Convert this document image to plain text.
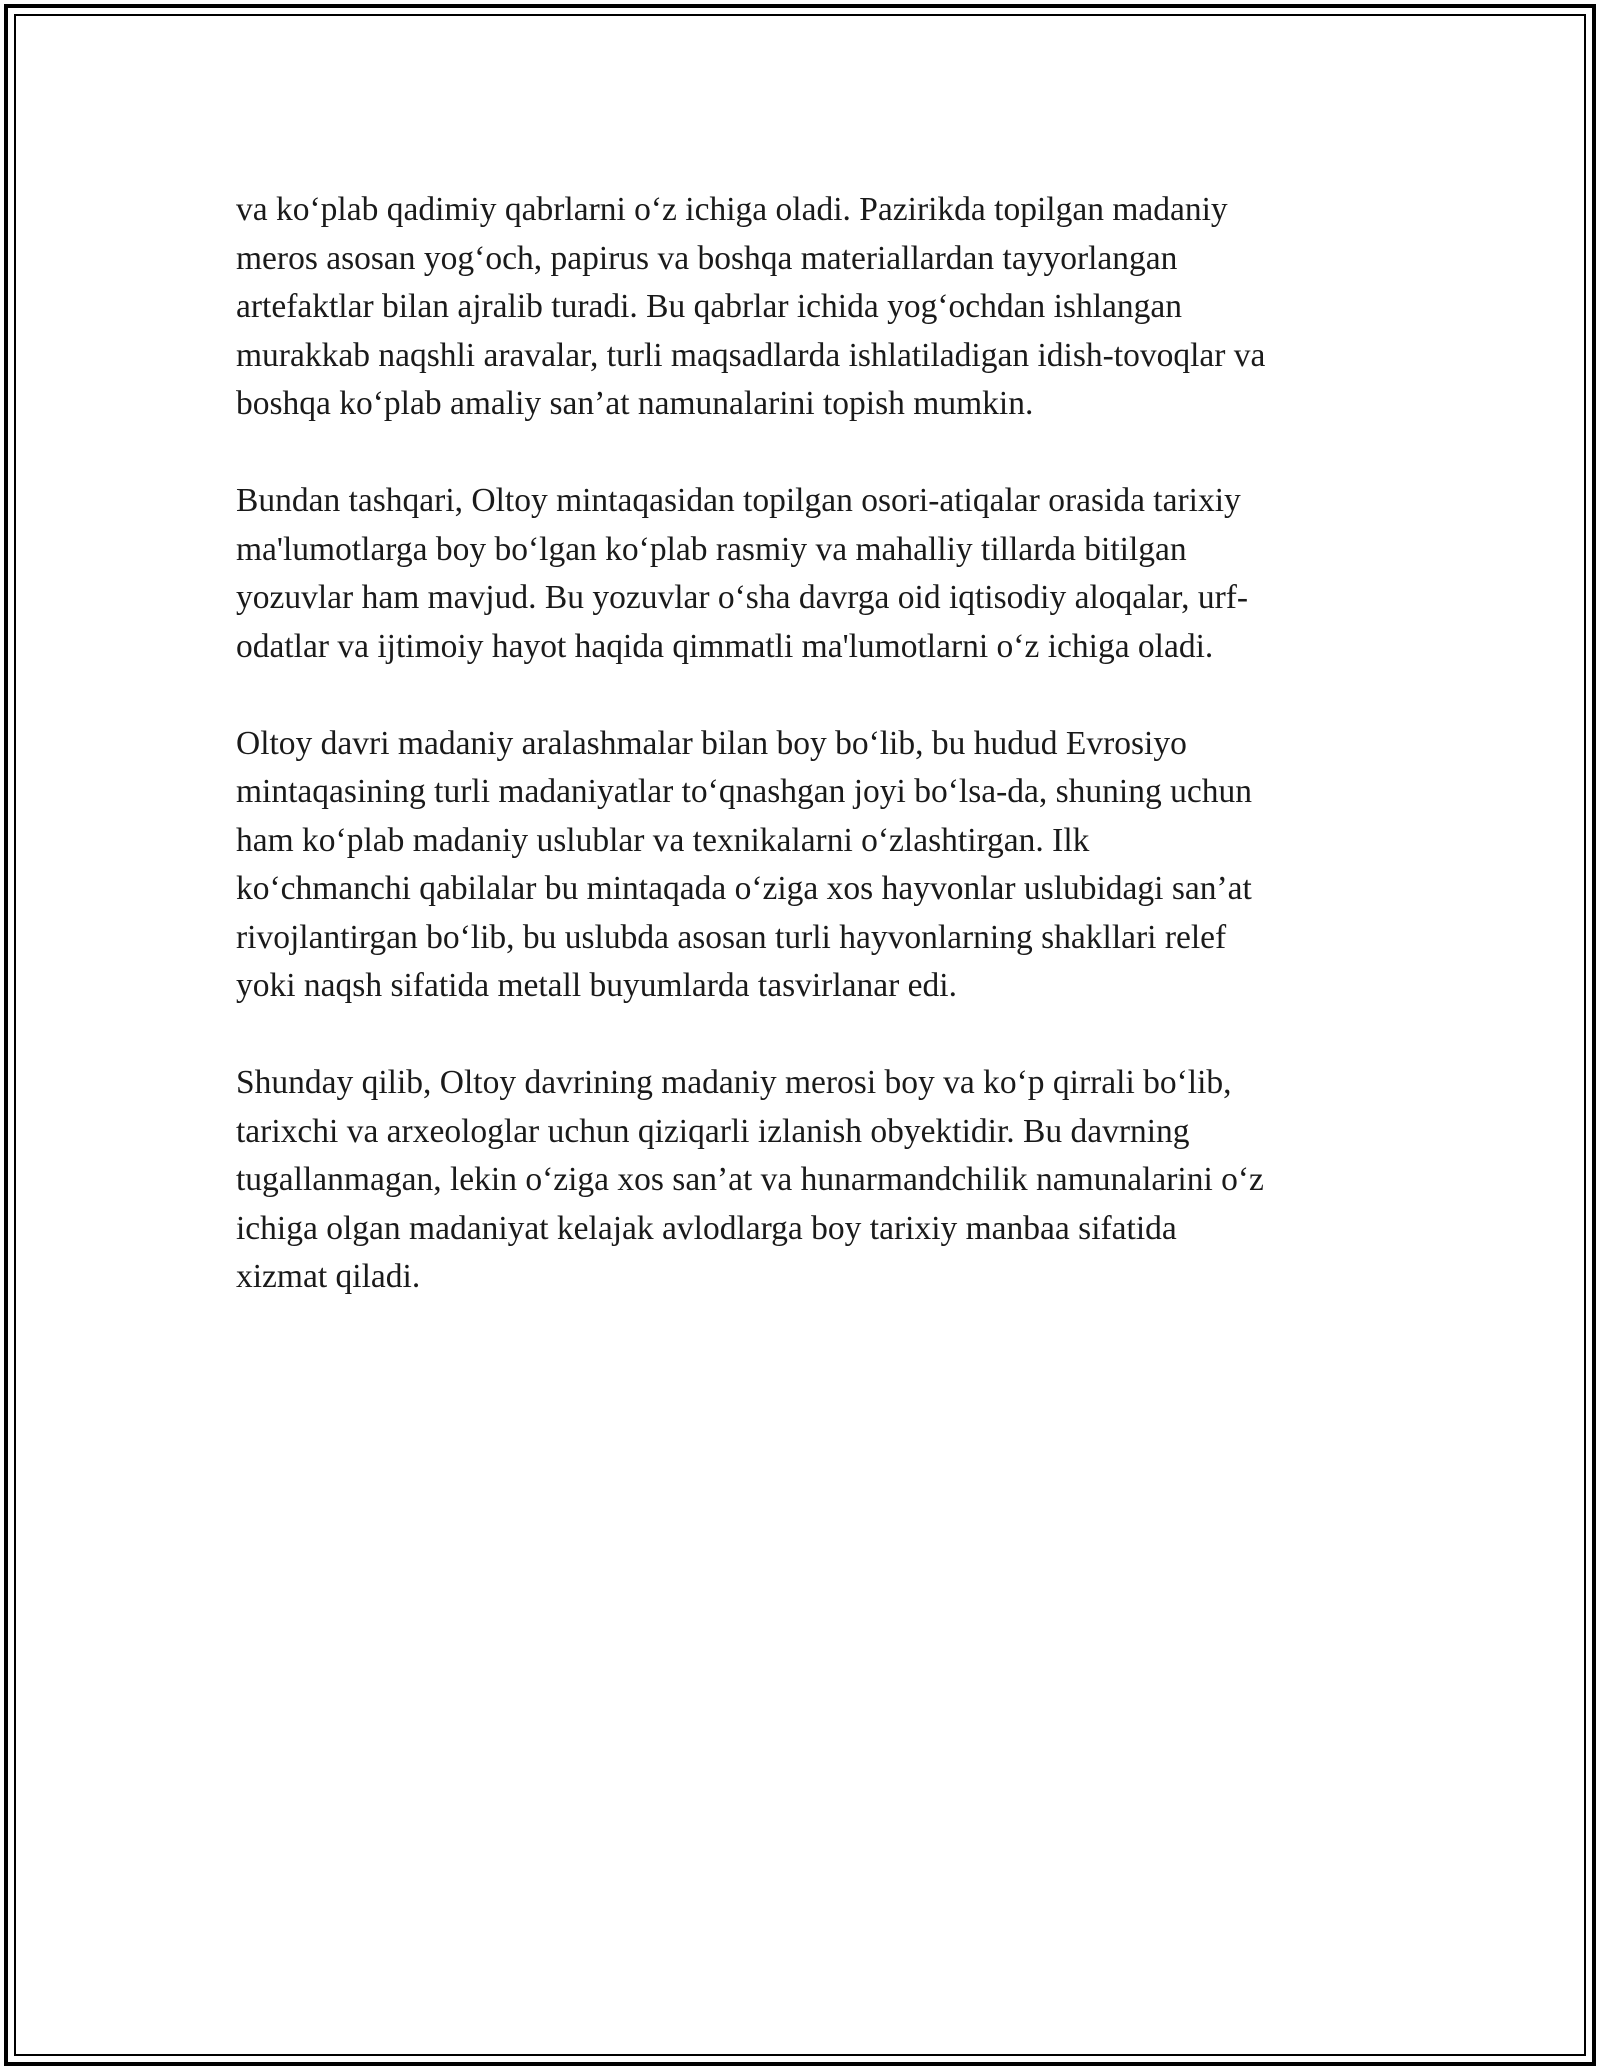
va ko‘plab qadimiy qabrlarni o‘z ichiga oladi. Pazirikda topilgan madaniy
meros asosan yog‘och, papirus va boshqa materiallardan tayyorlangan
artefaktlar bilan ajralib turadi. Bu qabrlar ichida yog‘ochdan ishlangan
murakkab naqshli aravalar, turli maqsadlarda ishlatiladigan idish-tovoqlar va
boshqa ko‘plab amaliy san’at namunalarini topish mumkin.

Bundan tashqari, Oltoy mintaqasidan topilgan osori-atiqalar orasida tarixiy
ma'lumotlarga boy bo‘lgan ko‘plab rasmiy va mahalliy tillarda bitilgan
yozuvlar ham mavjud. Bu yozuvlar o‘sha davrga oid iqtisodiy aloqalar, urf-
odatlar va ijtimoiy hayot haqida qimmatli ma'lumotlarni o‘z ichiga oladi.

Oltoy davri madaniy aralashmalar bilan boy bo‘lib, bu hudud Evrosiyo
mintaqasining turli madaniyatlar to‘qnashgan joyi bo‘lsa-da, shuning uchun
ham ko‘plab madaniy uslublar va texnikalarni o‘zlashtirgan. Ilk
ko‘chmanchi qabilalar bu mintaqada o‘ziga xos hayvonlar uslubidagi san’at
rivojlantirgan bo‘lib, bu uslubda asosan turli hayvonlarning shakllari relef
yoki naqsh sifatida metall buyumlarda tasvirlanar edi.

Shunday qilib, Oltoy davrining madaniy merosi boy va ko‘p qirrali bo‘lib,
tarixchi va arxeologlar uchun qiziqarli izlanish obyektidir. Bu davrning
tugallanmagan, lekin o‘ziga xos san’at va hunarmandchilik namunalarini o‘z
ichiga olgan madaniyat kelajak avlodlarga boy tarixiy manbaa sifatida
xizmat qiladi.
